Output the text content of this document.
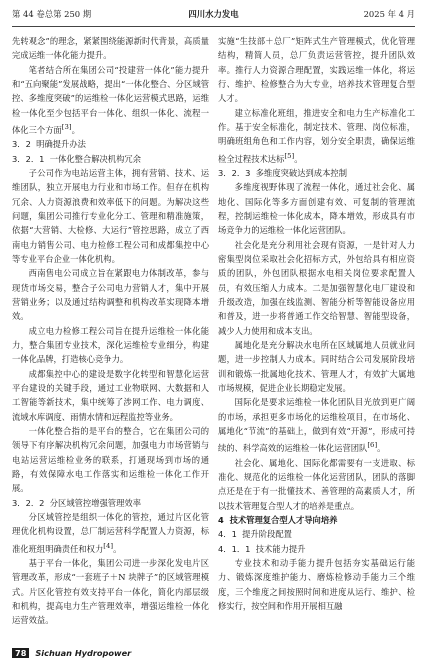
第 44 卷总第 250 期	四川水力发电	2025 年 4 月

先转观念”的理念，紧紧围绕能源新时代背景，高质量完成运维一体化能力提升。

笔者结合所在集团公司“投建营一体化”能力提升和“五向聚能”发展战略，提出“一体化整合、分区域管控、多维度突破”的运维检一体化运营模式思路，运维检一体化至少包括平台一体化、组织一体化、流程一体化三个方面[3]。

3．2 明确提升办法
3．2．1 一体化整合解决机构冗余

子公司作为电站运营主体，拥有营销、技术、运维团队，独立开展电力行业和市场工作。但存在机构冗余、人力资源浪费和效率低下的问题。为解决这些问题，集团公司推行专业化分工、管理和精准施策，依据“大营销、大检修、大运行”管控思路，成立了西南电力销售公司、电力检修工程公司和成都集控中心等专业平台企业一体化机构。

西南售电公司成立旨在紧跟电力体制改革，参与现货市场交易，整合子公司电力营销人才，集中开展营销业务；以及通过结构调整和机构改革实现降本增效。

成立电力检修工程公司旨在提升运维检一体化能力，整合集团专业技术，深化运维检专业细分，构建一体化品牌，打造核心竞争力。

成都集控中心的建设是数字化转型和智慧化运营平台建设的关键手段，通过工业物联网、大数据和人工智能等新技术，集中统筹了涉网工作、电力调度、流域水库调度、雨情水情和远程监控等业务。

一体化整合指的是平台的整合，它在集团公司的领导下有序解决机构冗余问题，加强电力市场营销与电站运营运维检业务的联系，打通现场到市场的通路，有效保障水电工作落实和运维检一体化工作开展。

3．2．2 分区域管控增强管理效率

分区域管控是组织一体化的管控，通过片区化管理优化机构设置，总厂制运营科学配置人力资源，标准化班组明确责任和权力[4]。

基于平台一体化，集团公司进一步深化发电片区管理改革，形成“一套班子＋N 块牌子”的区域管理模式。片区化管控有效支持平台一体化，简化内部层级和机构，提高电力生产管理效率，增强运维检一体化运营效益。

实施“生技部＋总厂”矩阵式生产管理模式，优化管理结构，精简人员，总厂负责运营管控，提升团队效率。推行人力资源合理配置，实践运维一体化，将运行、维护、检修整合为大专业，培养技术管理复合型人才。

建立标准化班组，推进安全和电力生产标准化工作。基于安全标准化，制定技术、管理、岗位标准，明确班组角色和工作内容，划分安全职责，确保运维检全过程技术达标[5]。

3．2．3 多维度突破达到成本控制

多维度视野体现了流程一体化，通过社会化、属地化、国际化等多方面创建有效、可复制的管理流程，控制运维检一体化成本，降本增效，形成具有市场竞争力的运维检一体化运营团队。

社会化是充分利用社会现有资源，一是针对人力密集型岗位采取社会化招标方式，外包给具有相应资质的团队，外包团队根据水电相关岗位要求配置人员，有效压缩人力成本。二是加强智慧化电厂建设和升级改造，加强在线监测、智能分析等智能设备应用和普及，进一步将普通工作交给智慧、智能型设备，减少人力使用和成本支出。

属地化是充分解决水电所在区域属地人员就业问题，进一步控制人力成本。同时结合公司发展阶段培训和锻炼一批属地化技术、管理人才，有效扩大属地市场规模，促进企业长期稳定发展。

国际化是要求运维检一体化团队目光放到更广阔的市场，承担更多市场化的运维检项目，在市场化、属地化“节流”的基础上，做到有效“开源”，形成可持续的、科学高效的运维检一体化运营团队[6]。

社会化、属地化、国际化都需要有一支进取、标准化、规范化的运维检一体化运营团队，团队的落脚点还是在于有一批懂技术、善管理的高素质人才，所以技术管理复合型人才的培养是重点。

4 技术管理复合型人才导向培养
4．1 提升阶段配置
4．1．1 技术能力提升

专业技术和动手能力提升包括夯实基础运行能力、锻炼深度维护能力、磨炼检修动手能力三个维度，三个维度之间按照时间和进度从运行、维护、检修实行，按空间和作用开展相互融

78	Sichuan Hydropower
